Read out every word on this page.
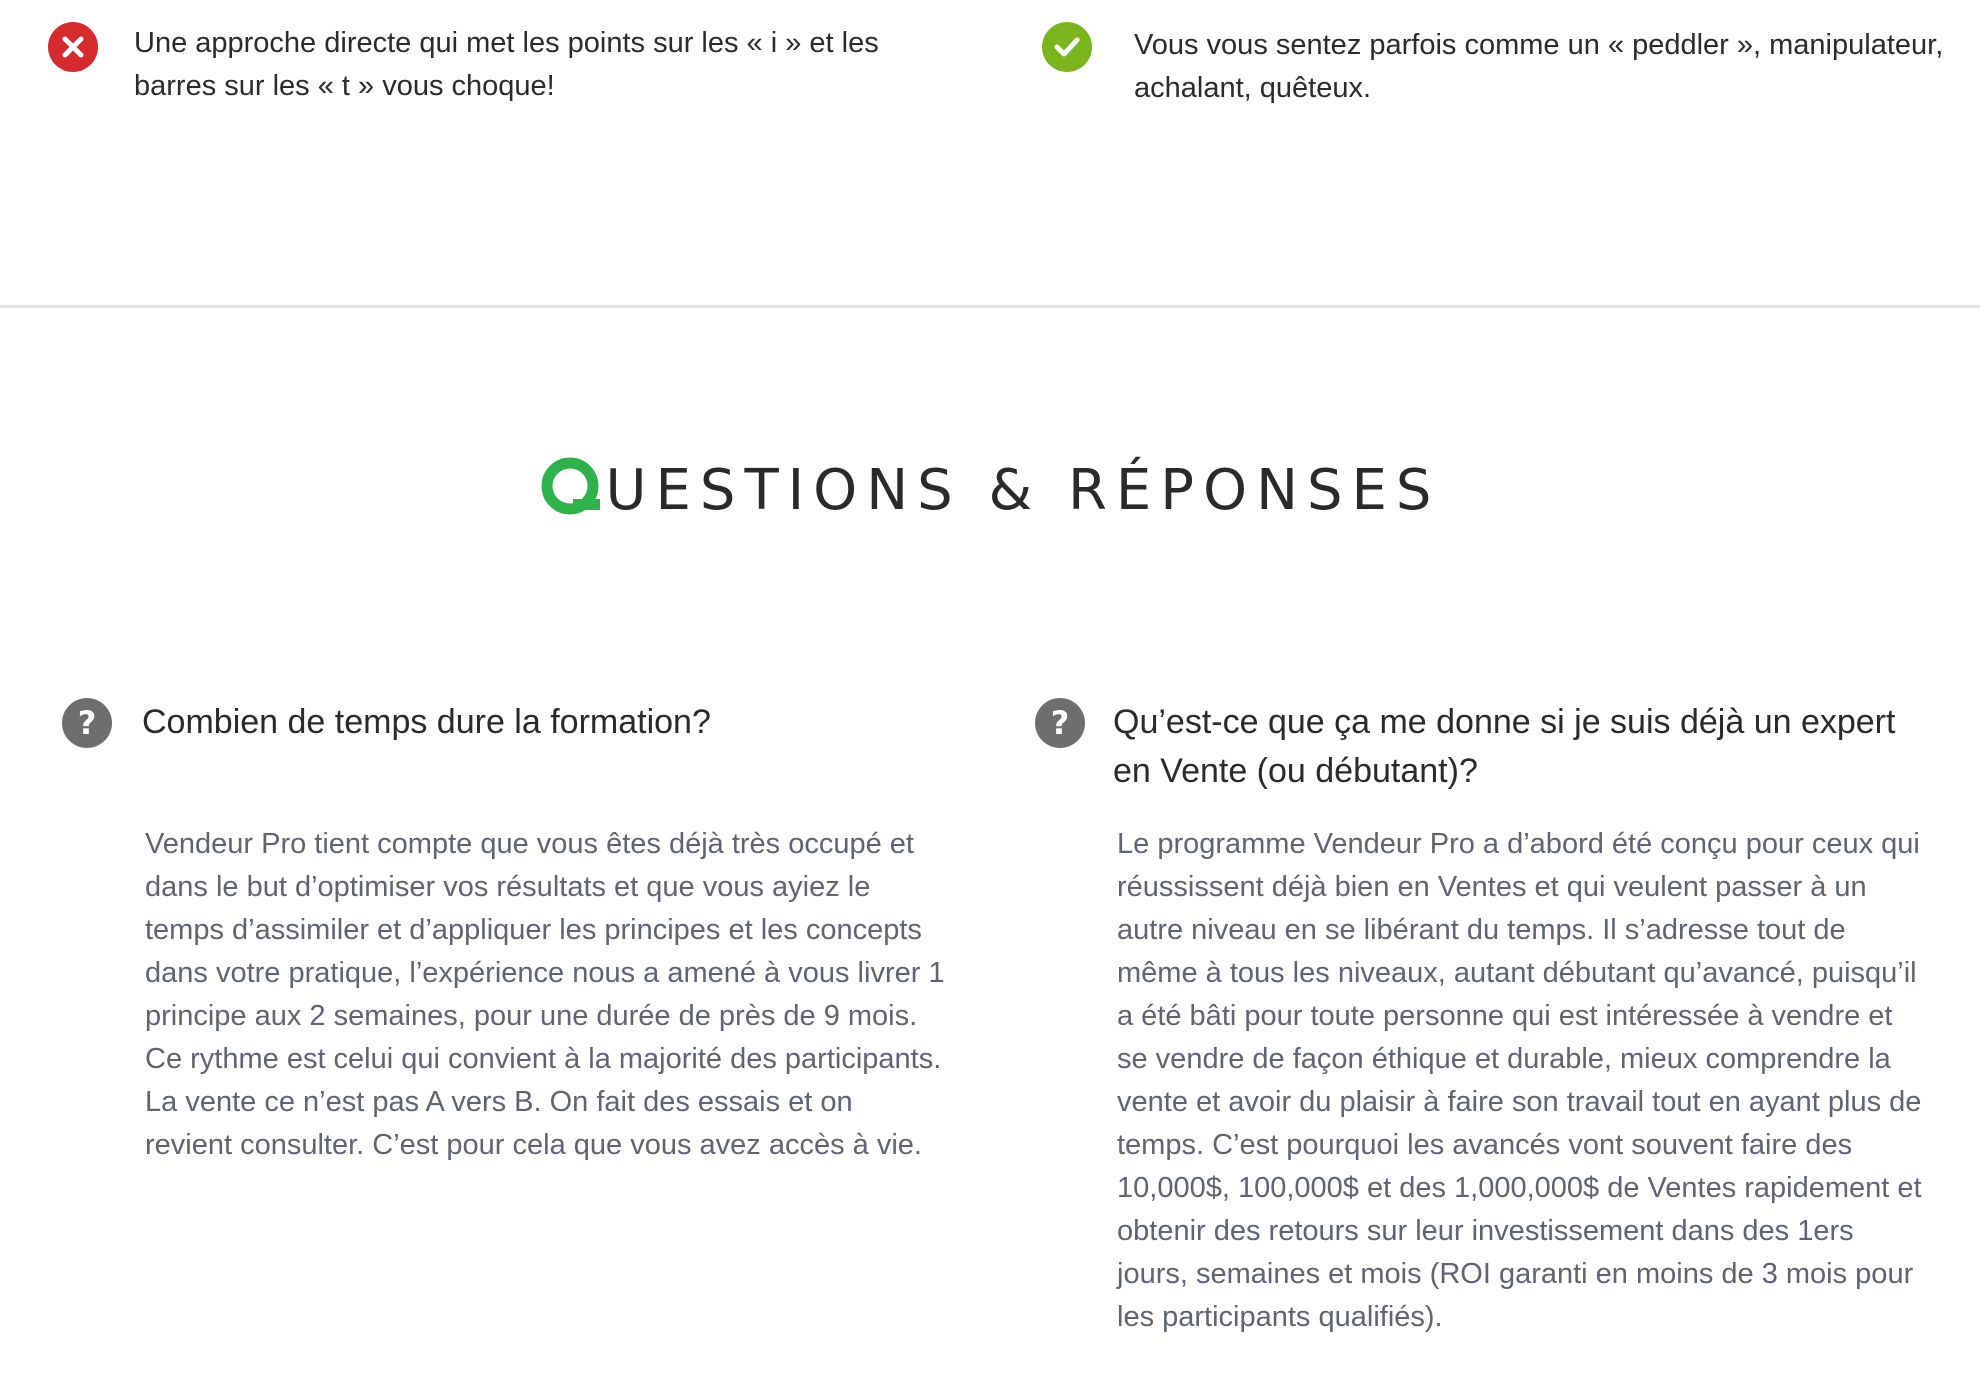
Une approche directe qui met les points sur les « i » et les barres sur les « t » vous choque!
Vous vous sentez parfois comme un « peddler », manipulateur, achalant, quêteux.
UESTIONS & RÉPONSES
?	Combien de temps dure la formation?
Vendeur Pro tient compte que vous êtes déjà très occupé et dans le but d’optimiser vos résultats et que vous ayiez le temps d’assimiler et d’appliquer les principes et les concepts dans votre pratique, l’expérience nous a amené à vous livrer 1 principe aux 2 semaines, pour une durée de près de 9 mois. Ce rythme est celui qui convient à la majorité des participants. La vente ce n’est pas A vers B. On fait des essais et on revient consulter. C’est pour cela que vous avez accès à vie.
?	Qu’est-ce que ça me donne si je suis déjà un expert en Vente (ou débutant)?
Le programme Vendeur Pro a d’abord été conçu pour ceux qui réussissent déjà bien en Ventes et qui veulent passer à un autre niveau en se libérant du temps. Il s’adresse tout de même à tous les niveaux, autant débutant qu’avancé, puisqu’il a été bâti pour toute personne qui est intéressée à vendre et se vendre de façon éthique et durable, mieux comprendre la vente et avoir du plaisir à faire son travail tout en ayant plus de temps. C’est pourquoi les avancés vont souvent faire des 10,000$, 100,000$ et des 1,000,000$ de Ventes rapidement et obtenir des retours sur leur investissement dans des 1ers jours, semaines et mois (ROI garanti en moins de 3 mois pour les participants qualifiés).
